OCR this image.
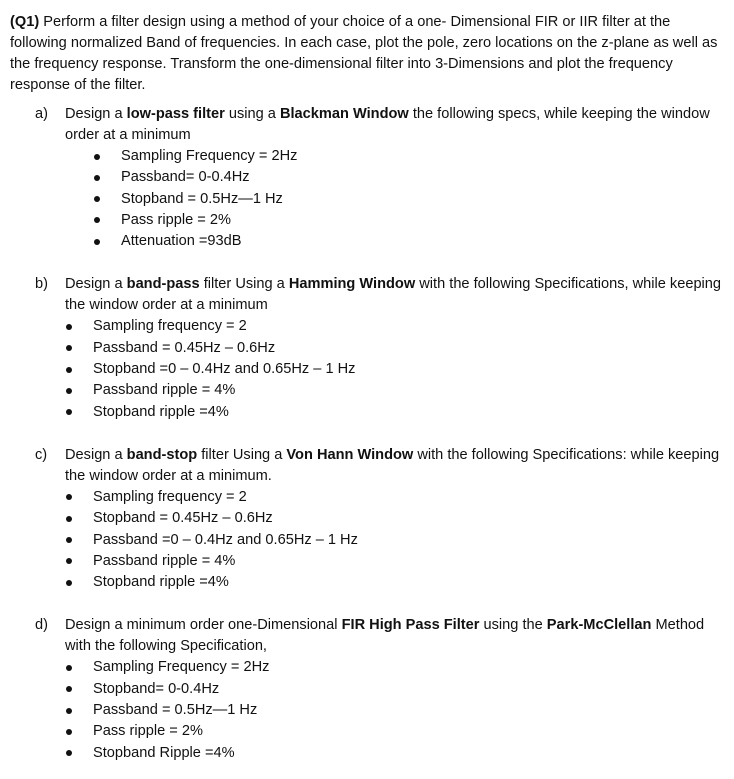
(Q1) Perform a filter design using a method of your choice of a one- Dimensional FIR or IIR filter at the following normalized Band of frequencies. In each case, plot the pole, zero locations on the z-plane as well as the frequency response. Transform the one-dimensional filter into 3-Dimensions and plot the frequency response of the filter.

a)	Design a low-pass filter using a Blackman Window the following specs, while keeping the window order at a minimum
Sampling Frequency = 2Hz
Passband= 0-0.4Hz
Stopband = 0.5Hz—1 Hz
Pass ripple = 2%
Attenuation =93dB
b)	Design a band-pass filter Using a Hamming Window with the following Specifications, while keeping the window order at a minimum
Sampling frequency = 2
Passband = 0.45Hz – 0.6Hz
Stopband =0 – 0.4Hz and 0.65Hz – 1 Hz
Passband ripple = 4%
Stopband ripple =4%
c)	Design a band-stop filter Using a Von Hann Window with the following Specifications: while keeping the window order at a minimum.
Sampling frequency = 2
Stopband = 0.45Hz – 0.6Hz
Passband =0 – 0.4Hz and 0.65Hz – 1 Hz
Passband ripple = 4%
Stopband ripple =4%
d)	Design a minimum order one-Dimensional FIR High Pass Filter using the Park-McClellan Method with the following Specification,
Sampling Frequency = 2Hz
Stopband= 0-0.4Hz
Passband = 0.5Hz—1 Hz
Pass ripple = 2%
Stopband Ripple =4%
